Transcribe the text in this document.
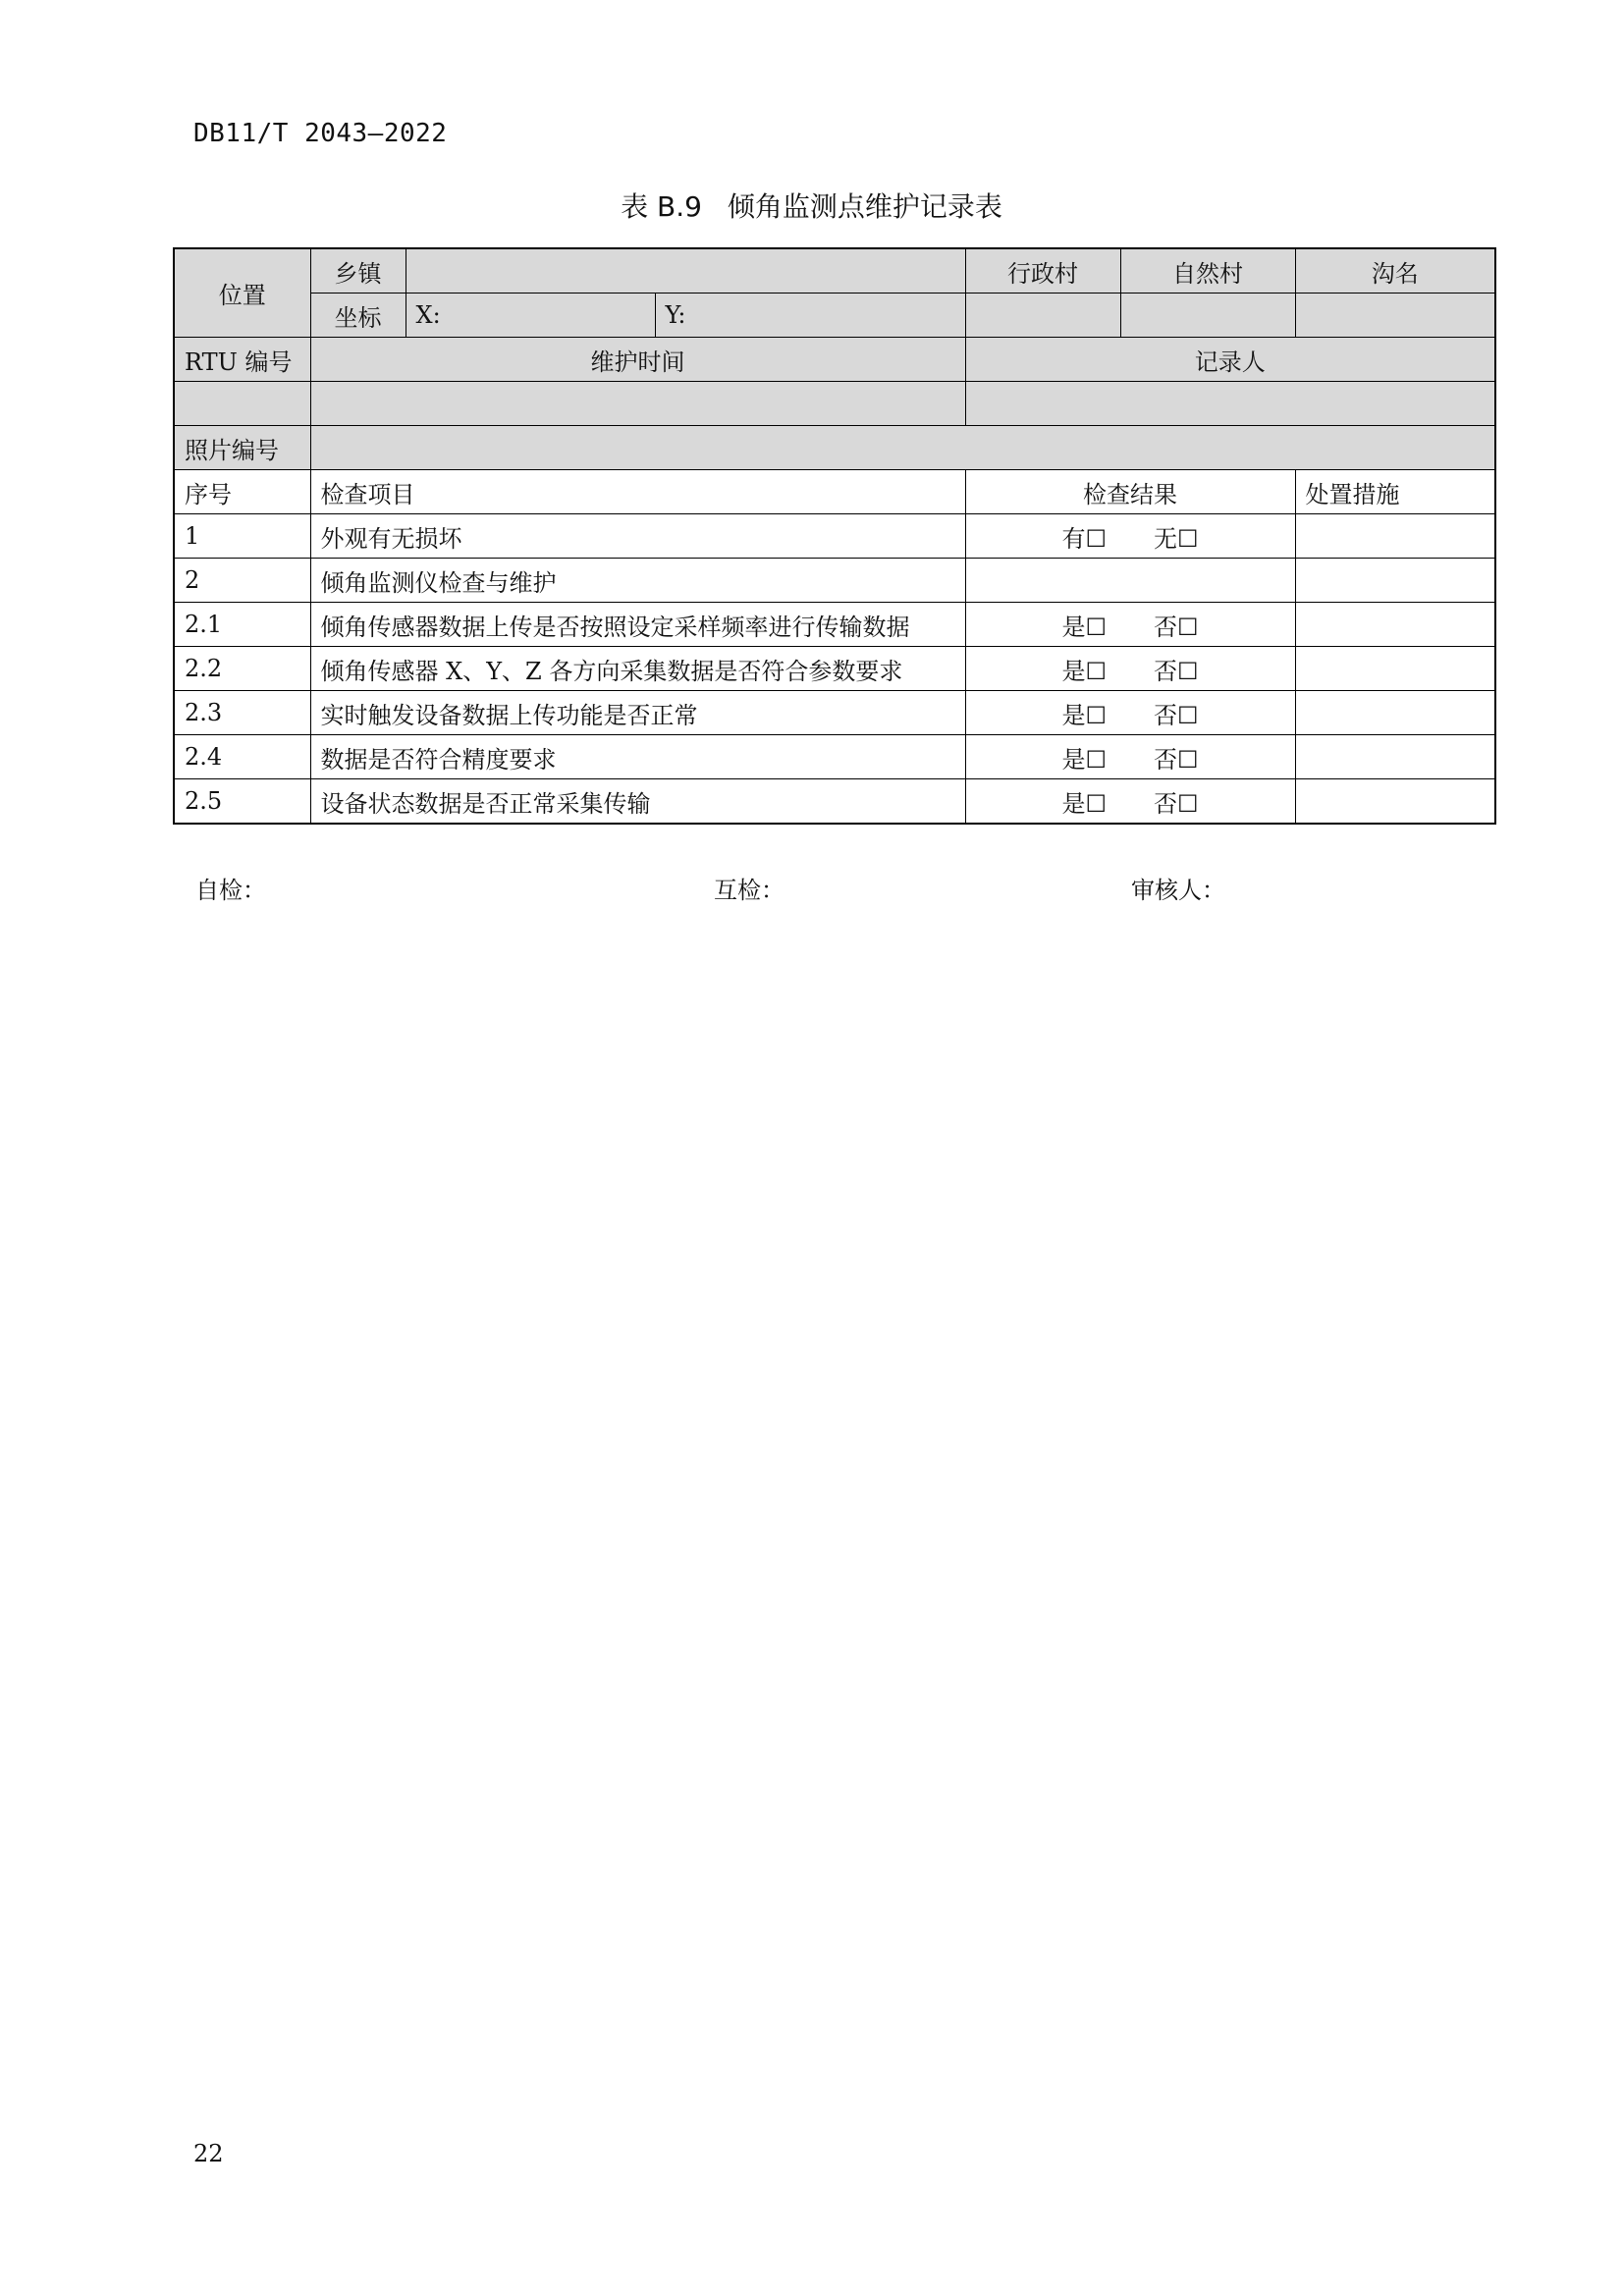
DB11/T 2043—2022
表 B.9 倾角监测点维护记录表
位置	乡镇			行政村	自然村	沟名
	坐标	X:	Y:			
RTU 编号	维护时间			记录人		

照片编号						
序号	检查项目			检查结果		处置措施
1	外观有无损坏			有☐ 无☐		
2	倾角监测仪检查与维护					
2.1	倾角传感器数据上传是否按照设定采样频率进行传输数据			是☐ 否☐		
2.2	倾角传感器 X、Y、Z 各方向采集数据是否符合参数要求			是☐ 否☐		
2.3	实时触发设备数据上传功能是否正常			是☐ 否☐		
2.4	数据是否符合精度要求			是☐ 否☐		
2.5	设备状态数据是否正常采集传输			是☐ 否☐		
自检：	互检：	审核人：
22
